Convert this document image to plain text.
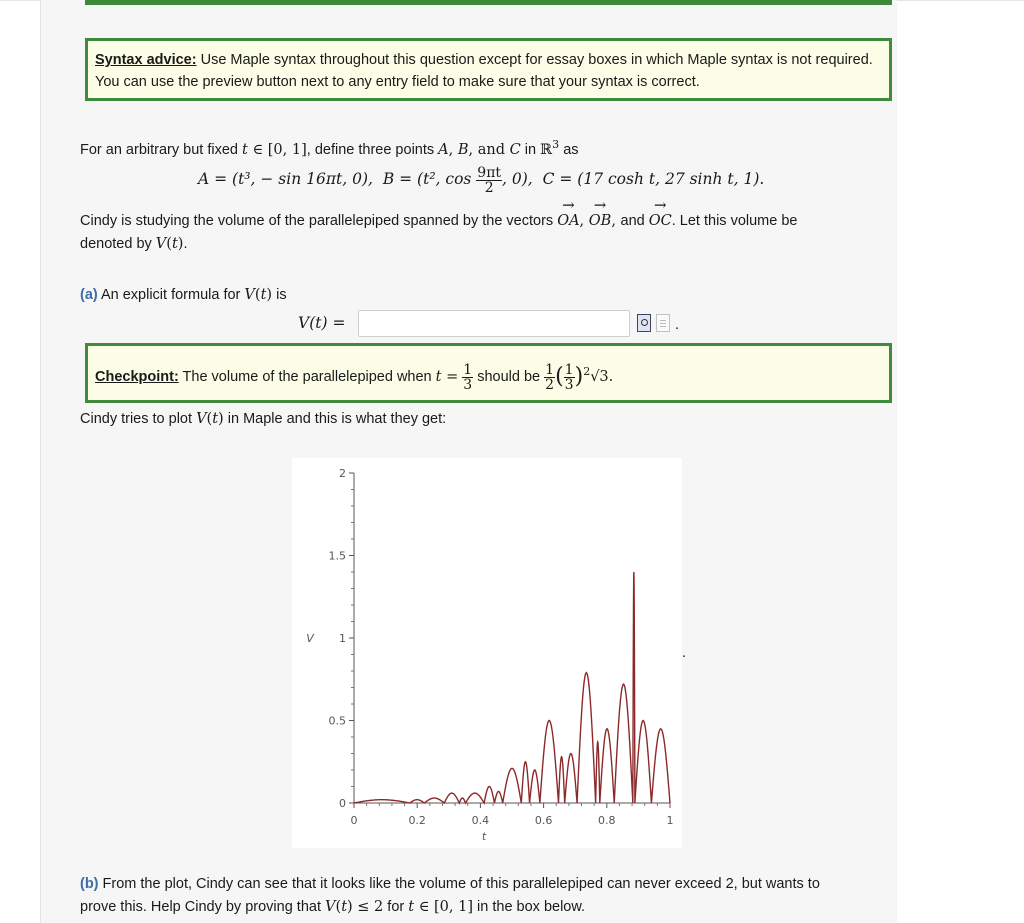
Syntax advice: Use Maple syntax throughout this question except for essay boxes in which Maple syntax is not required. You can use the preview button next to any entry field to make sure that your syntax is correct.
For an arbitrary but fixed t ∈ [0, 1], define three points A, B, and C in ℝ$^3$ as
A = (t³, − sin 16πt, 0), B = (t², $\cos \frac{9\pi t}{2}$ , 0), C = (17 cosh t, 27 sinh t, 1).
Cindy is studying the volume of the parallelepiped spanned by the vectors → OA, → OB, and → OC. Let this volume be
denoted by V(t).
(a) An explicit formula for V(t) is
V(t) =	.
Checkpoint: The volume of the parallelepiped when $t = \frac{1}{3}$ should be $\frac{1}{2}$ ( $\frac{1}{3} )^2√3$.
Cindy tries to plot V(t) in Maple and this is what they get:
0	0.2	0.4	0.6	0.8	1
0
0.5
1
1.5
2
t
V
.
(b) From the plot, Cindy can see that it looks like the volume of this parallelepiped can never exceed 2, but wants to
prove this. Help Cindy by proving that V(t) ≤ 2 for t ∈ [0, 1] in the box below.
